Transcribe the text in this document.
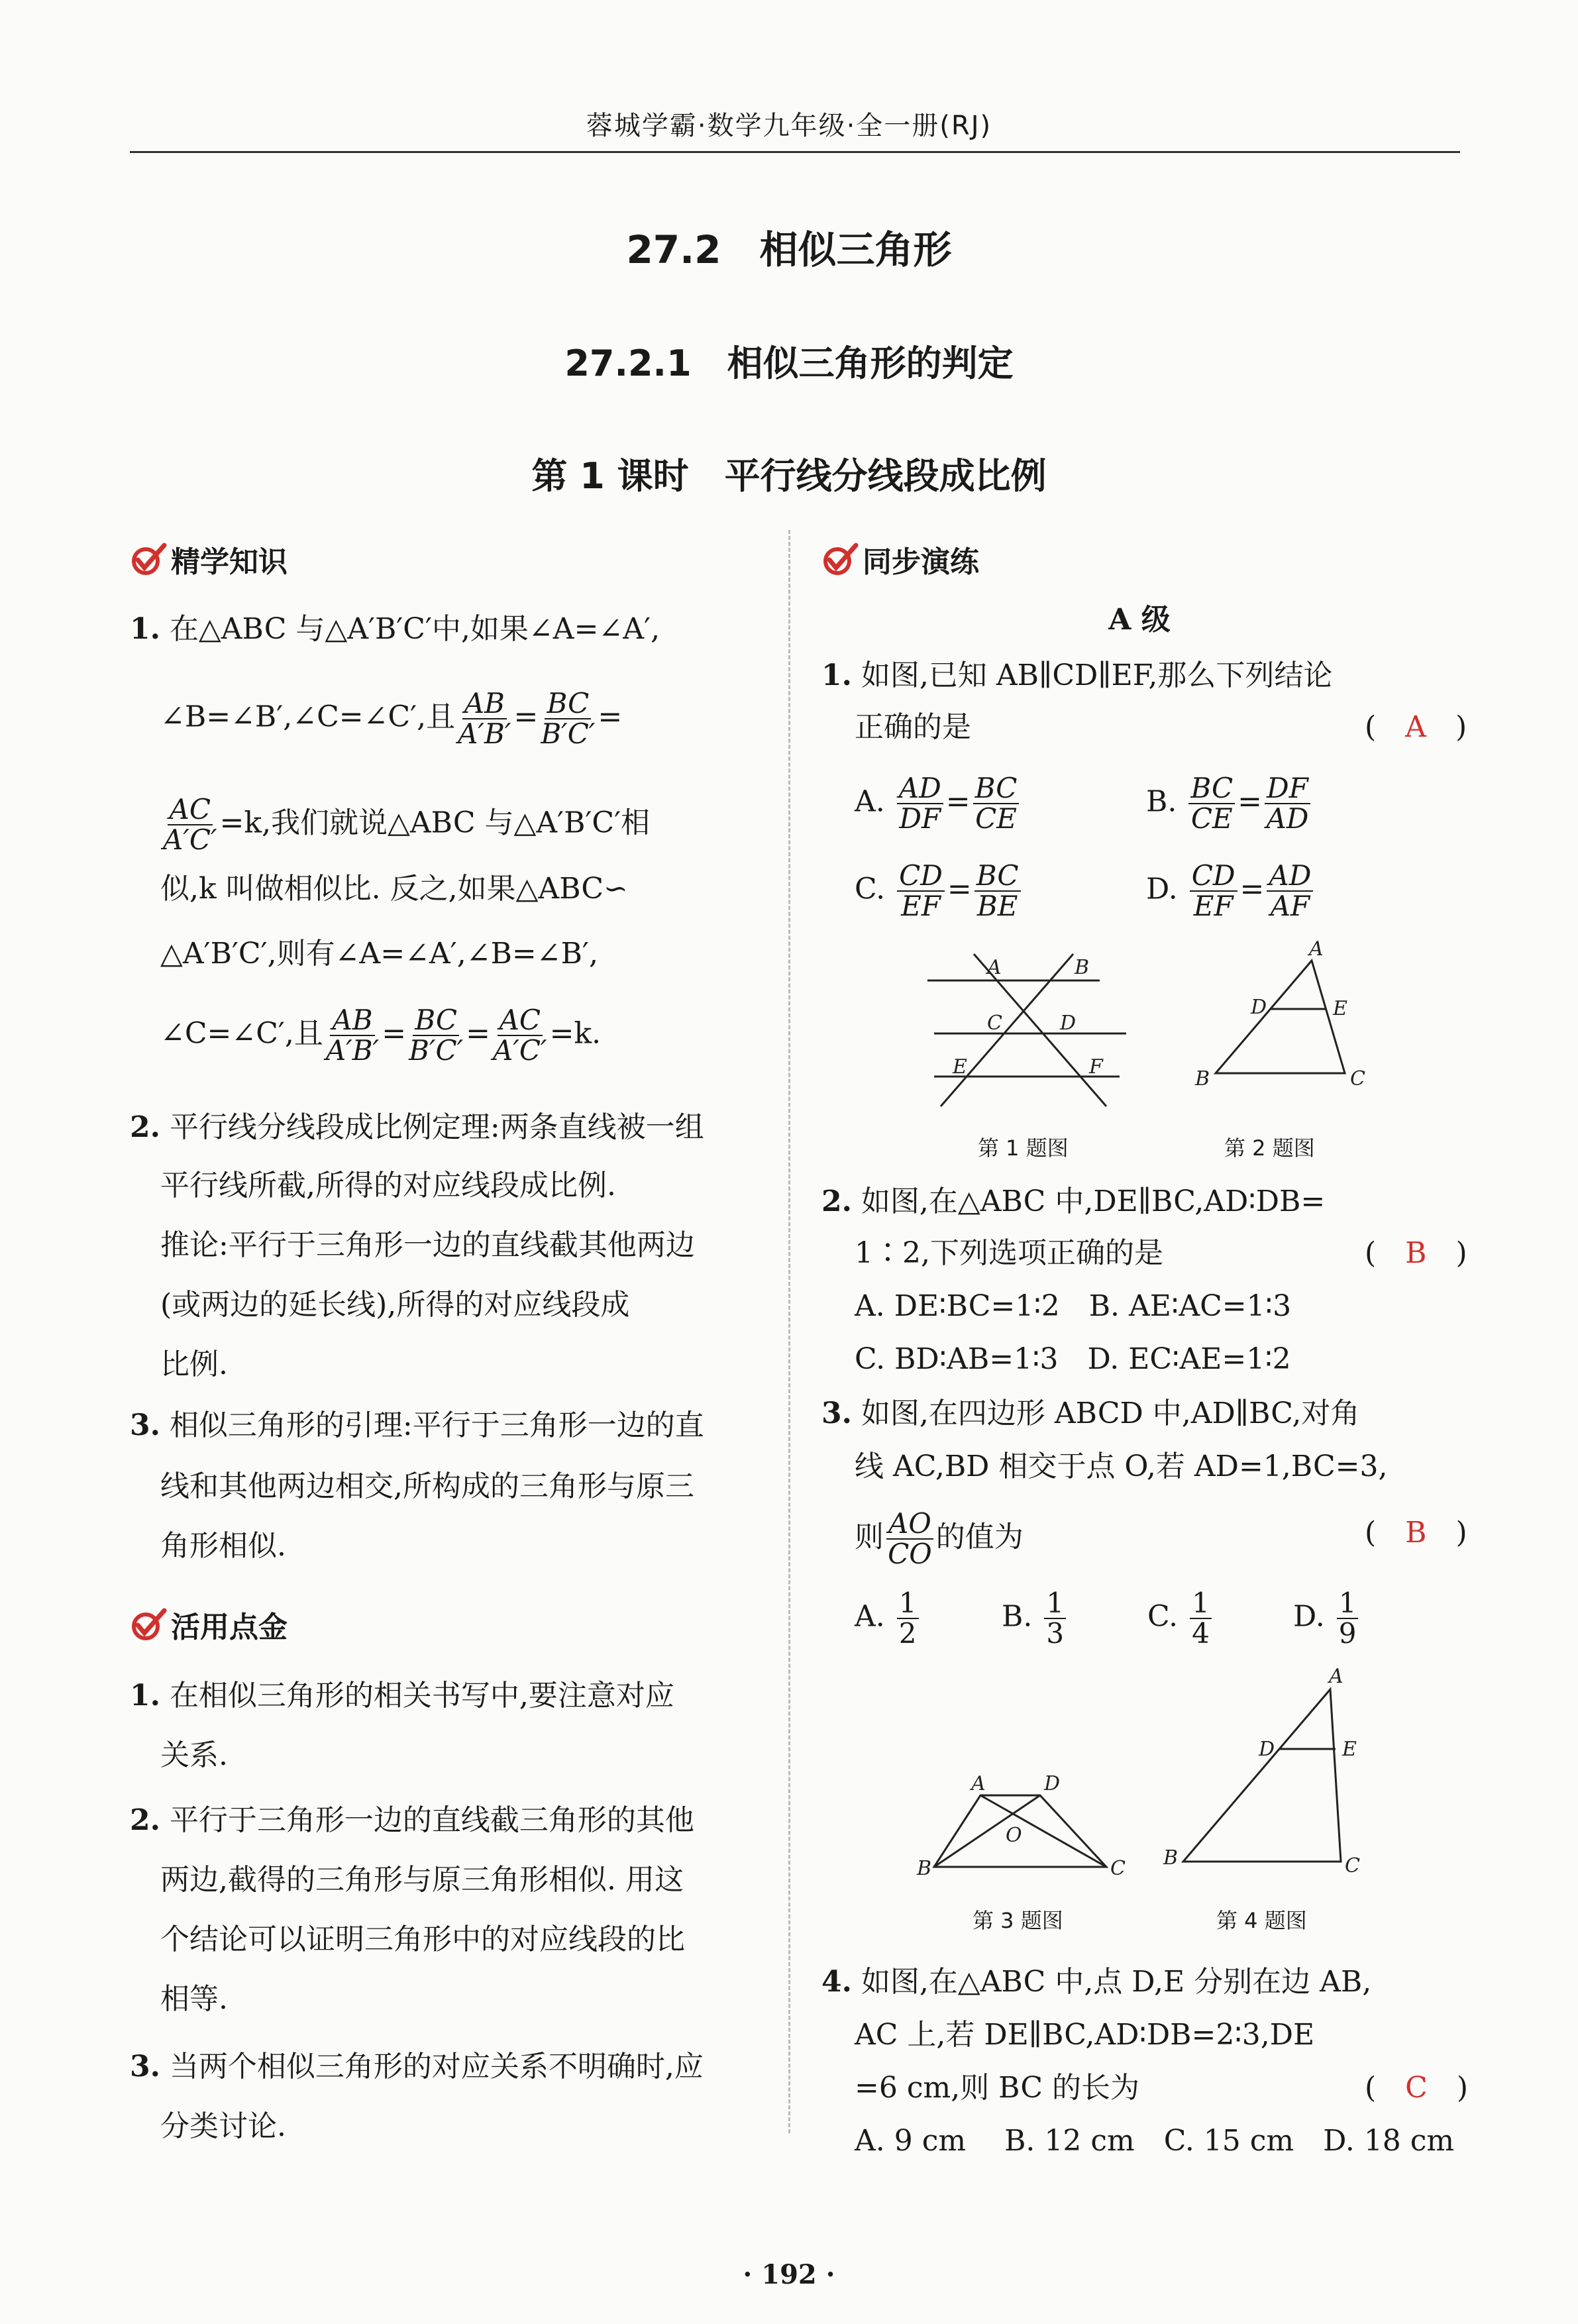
蓉城学霸·数学九年级·全一册(RJ)
27.2　相似三角形
27.2.1　相似三角形的判定
第 1 课时　平行线分线段成比例
精学知识
1. 在△ABC 与△A′B′C′中,如果∠A=∠A′,
∠B=∠B′,∠C=∠C′,且 $\frac{AB}{A'B'} = \frac{BC}{B'C'}$ =
$\frac{AC}{A'C'} =k$,我们就说△ABC 与△A′B′C′相
似,k 叫做相似比. 反之,如果△ABC∽
△A′B′C′,则有∠A=∠A′,∠B=∠B′,
∠C=∠C′,且 $\frac{AB}{A'B'} = \frac{BC}{B'C'} = \frac{AC}{A'C'} =k$.
2. 平行线分线段成比例定理:两条直线被一组
平行线所截,所得的对应线段成比例.
推论:平行于三角形一边的直线截其他两边
(或两边的延长线),所得的对应线段成
比例.
3. 相似三角形的引理:平行于三角形一边的直
线和其他两边相交,所构成的三角形与原三
角形相似.
活用点金
1. 在相似三角形的相关书写中,要注意对应
关系.
2. 平行于三角形一边的直线截三角形的其他
两边,截得的三角形与原三角形相似. 用这
个结论可以证明三角形中的对应线段的比
相等.
3. 当两个相似三角形的对应关系不明确时,应
分类讨论.
同步演练
A 级
1. 如图,已知 AB∥CD∥EF,那么下列结论
正确的是	(　A　)
A. $\frac{AD}{DF} = \frac{BC}{CE}$	B. $\frac{BC}{CE} = \frac{DF}{AD}$
C. $\frac{CD}{EF} = \frac{BC}{BE}$	D. $\frac{CD}{EF} = \frac{AD}{AF}$
A	B
C	D
E	F
第 1 题图
A
D	E
B	C
第 2 题图
2. 如图,在△ABC 中,DE∥BC,AD∶DB=
1∶2,下列选项正确的是	(　B　)
A. DE∶BC=1∶2　B. AE∶AC=1∶3
C. BD∶AB=1∶3　D. EC∶AE=1∶2
3. 如图,在四边形 ABCD 中,AD∥BC,对角
线 AC,BD 相交于点 O,若 AD=1,BC=3,
则 $\frac{AO}{CO}$ 的值为	(　B　)
A. $\frac{1}{2}$	B. $\frac{1}{3}$	C. $\frac{1}{4}$	D. $\frac{1}{9}$
A	D
O
B	C
第 3 题图
A
D	E
B	C
第 4 题图
4. 如图,在△ABC 中,点 D,E 分别在边 AB,
AC 上,若 DE∥BC,AD∶DB=2∶3,DE
=6 cm,则 BC 的长为	(　C　)
A. 9 cm　 B. 12 cm　C. 15 cm　D. 18 cm
· 192 ·
